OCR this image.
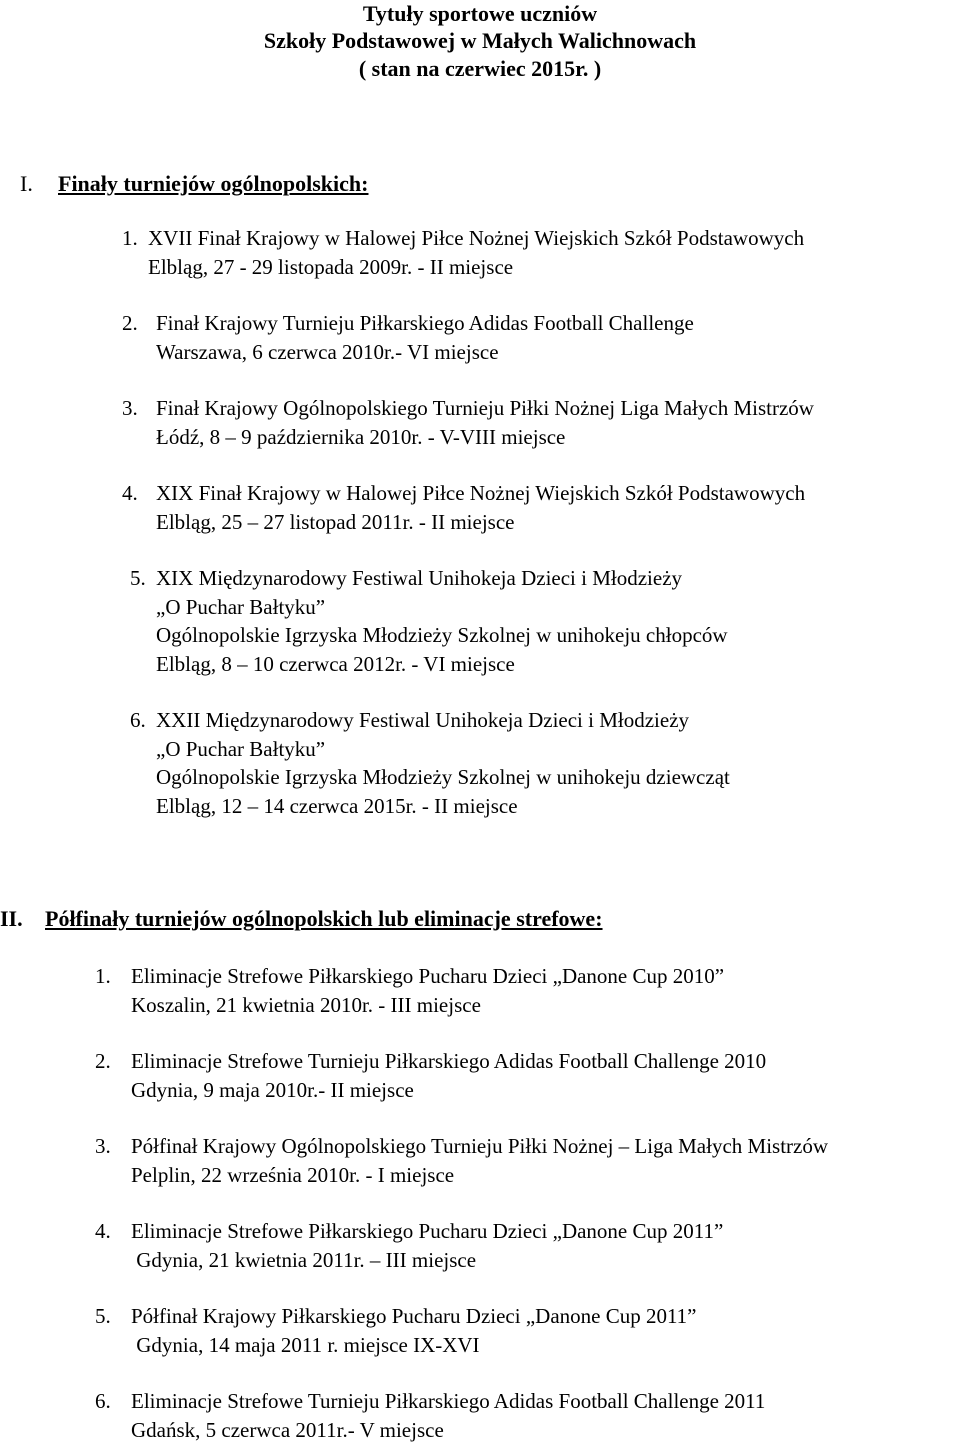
Tytuły sportowe uczniów
Szkoły Podstawowej w Małych Walichnowach
( stan na czerwiec 2015r. )
I. Finały turniejów ogólnopolskich:
1. XVII Finał Krajowy w Halowej Piłce Nożnej Wiejskich Szkół Podstawowych
Elbląg, 27 - 29 listopada 2009r. - II miejsce
2. Finał Krajowy Turnieju Piłkarskiego Adidas Football Challenge
Warszawa, 6 czerwca 2010r.- VI miejsce
3. Finał Krajowy Ogólnopolskiego Turnieju Piłki Nożnej Liga Małych Mistrzów
Łódź, 8 – 9 października 2010r. - V-VIII miejsce
4. XIX Finał Krajowy w Halowej Piłce Nożnej Wiejskich Szkół Podstawowych
Elbląg, 25 – 27 listopad 2011r. - II miejsce
5. XIX Międzynarodowy Festiwal Unihokeja Dzieci i Młodzieży
„O Puchar Bałtyku”
Ogólnopolskie Igrzyska Młodzieży Szkolnej w unihokeju chłopców
Elbląg, 8 – 10 czerwca 2012r. - VI miejsce
6. XXII Międzynarodowy Festiwal Unihokeja Dzieci i Młodzieży
„O Puchar Bałtyku”
Ogólnopolskie Igrzyska Młodzieży Szkolnej w unihokeju dziewcząt
Elbląg, 12 – 14 czerwca 2015r. - II miejsce
II. Półfinały turniejów ogólnopolskich lub eliminacje strefowe:
1. Eliminacje Strefowe Piłkarskiego Pucharu Dzieci „Danone Cup 2010”
Koszalin, 21 kwietnia 2010r. - III miejsce
2. Eliminacje Strefowe Turnieju Piłkarskiego Adidas Football Challenge 2010
Gdynia, 9 maja 2010r.- II miejsce
3. Półfinał Krajowy Ogólnopolskiego Turnieju Piłki Nożnej – Liga Małych Mistrzów
Pelplin, 22 września 2010r. - I miejsce
4. Eliminacje Strefowe Piłkarskiego Pucharu Dzieci „Danone Cup 2011”
Gdynia, 21 kwietnia 2011r. – III miejsce
5. Półfinał Krajowy Piłkarskiego Pucharu Dzieci „Danone Cup 2011”
Gdynia, 14 maja 2011 r. miejsce IX-XVI
6. Eliminacje Strefowe Turnieju Piłkarskiego Adidas Football Challenge 2011
Gdańsk, 5 czerwca 2011r.- V miejsce
